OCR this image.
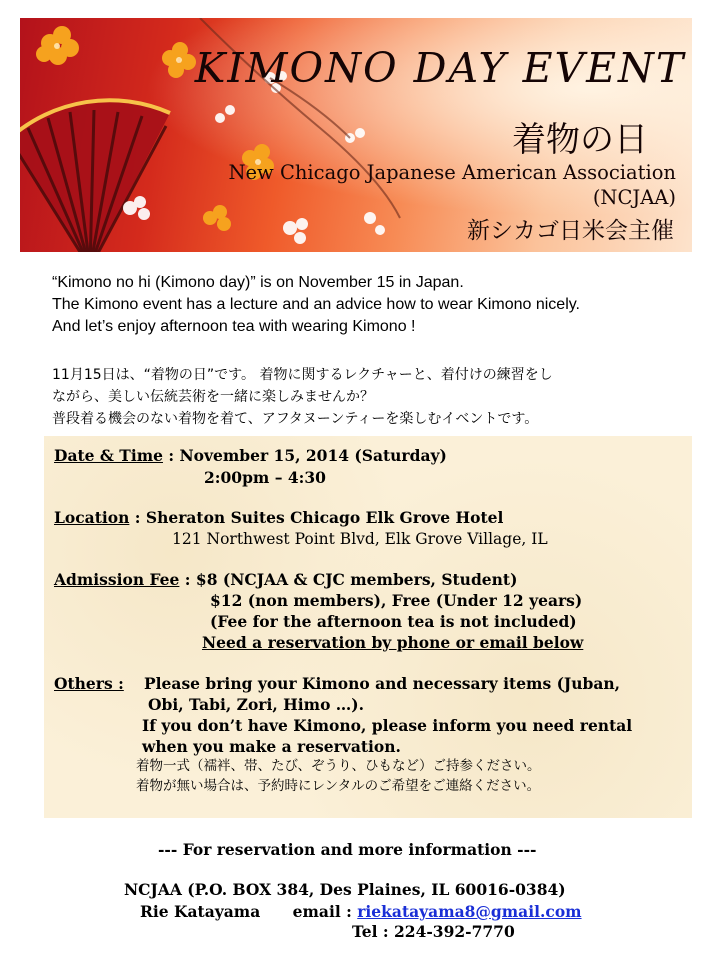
KIMONO DAY EVENT
着物の日
New Chicago Japanese American Association
(NCJAA)
新シカゴ日米会主催

“Kimono no hi (Kimono day)” is on November 15 in Japan.

The Kimono event has a lecture and an advice how to wear Kimono nicely.

And let’s enjoy afternoon tea with wearing Kimono !

11月15日は、“着物の日”です。 着物に関するレクチャーと、着付けの練習をし

ながら、美しい伝統芸術を一緒に楽しみませんか？

普段着る機会のない着物を着て、アフタヌーンティーを楽しむイベントです。

Date & Time : November 15, 2014 (Saturday)
2:00pm – 4:30
Location : Sheraton Suites Chicago Elk Grove Hotel
121 Northwest Point Blvd, Elk Grove Village, IL
Admission Fee : $8 (NCJAA & CJC members, Student)
$12 (non members), Free (Under 12 years)
(Fee for the afternoon tea is not included)
Need a reservation by phone or email below
Others : Please bring your Kimono and necessary items (Juban,
Obi, Tabi, Zori, Himo …).
If you don’t have Kimono, please inform you need rental
when you make a reservation.
着物一式（襦袢、帯、たび、ぞうり、ひもなど）ご持参ください。
着物が無い場合は、予約時にレンタルのご希望をご連絡ください。
--- For reservation and more information ---
NCJAA (P.O. BOX 384, Des Plaines, IL 60016-0384)
Rie Katayama email : riekatayama8@gmail.com
Tel : 224-392-7770
